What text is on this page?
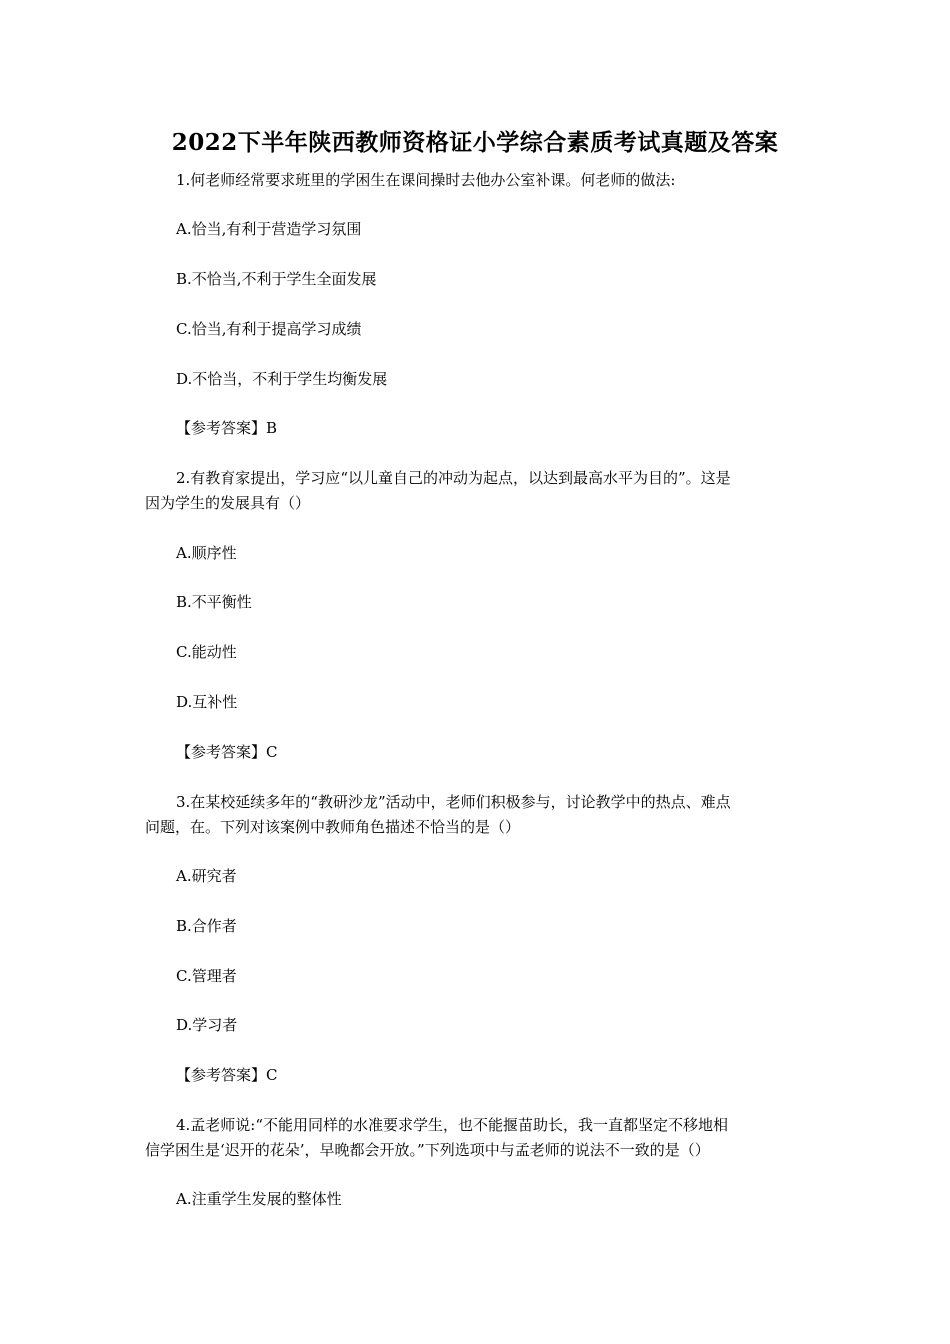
2022下半年陕西教师资格证小学综合素质考试真题及答案
1.何老师经常要求班里的学困生在课间操时去他办公室补课。何老师的做法:
A.恰当,有利于营造学习氛围
B.不恰当,不利于学生全面发展
C.恰当,有利于提高学习成绩
D.不恰当，不利于学生均衡发展
【参考答案】B
2.有教育家提出，学习应“以儿童自己的冲动为起点，以达到最高水平为目的”。这是
因为学生的发展具有（）
A.顺序性
B.不平衡性
C.能动性
D.互补性
【参考答案】C
3.在某校延续多年的“教研沙龙”活动中，老师们积极参与，讨论教学中的热点、难点
问题，在。下列对该案例中教师角色描述不恰当的是（）
A.研究者
B.合作者
C.管理者
D.学习者
【参考答案】C
4.孟老师说:“不能用同样的水准要求学生，也不能揠苗助长，我一直都坚定不移地相
信学困生是‘迟开的花朵’，早晚都会开放。”下列选项中与孟老师的说法不一致的是（）
A.注重学生发展的整体性
